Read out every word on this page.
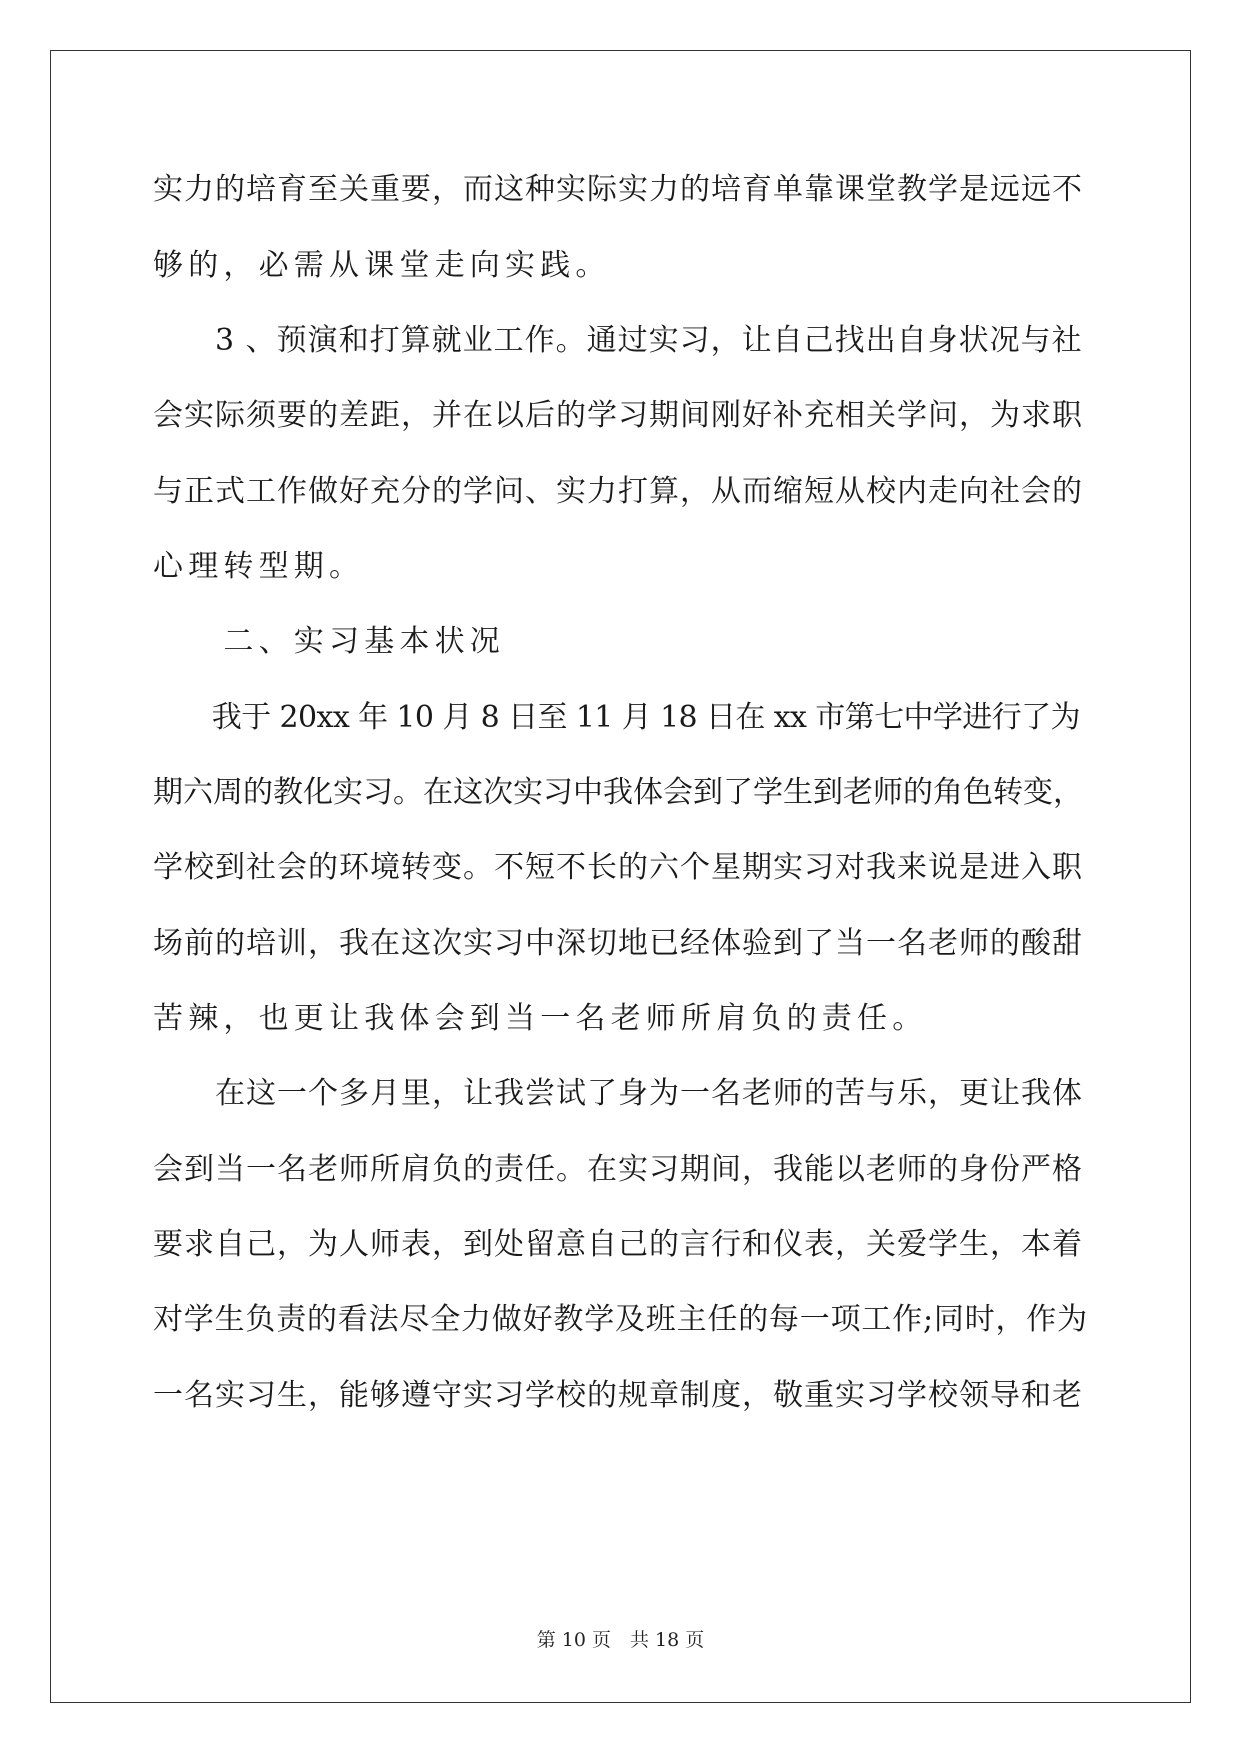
实力的培育至关重要，而这种实际实力的培育单靠课堂教学是远远不
够的，必需从课堂走向实践。
　　3 、预演和打算就业工作。通过实习，让自己找出自身状况与社
会实际须要的差距，并在以后的学习期间刚好补充相关学问，为求职
与正式工作做好充分的学问、实力打算，从而缩短从校内走向社会的
心理转型期。
　　二、实习基本状况
　　我于 20xx 年 10 月 8 日至 11 月 18 日在 xx 市第七中学进行了为
期六周的教化实习。在这次实习中我体会到了学生到老师的角色转变，
学校到社会的环境转变。不短不长的六个星期实习对我来说是进入职
场前的培训，我在这次实习中深切地已经体验到了当一名老师的酸甜
苦辣，也更让我体会到当一名老师所肩负的责任。
　　在这一个多月里，让我尝试了身为一名老师的苦与乐，更让我体
会到当一名老师所肩负的责任。在实习期间，我能以老师的身份严格
要求自己，为人师表，到处留意自己的言行和仪表，关爱学生，本着
对学生负责的看法尽全力做好教学及班主任的每一项工作;同时，作为
一名实习生，能够遵守实习学校的规章制度，敬重实习学校领导和老
第 10 页　共 18 页
